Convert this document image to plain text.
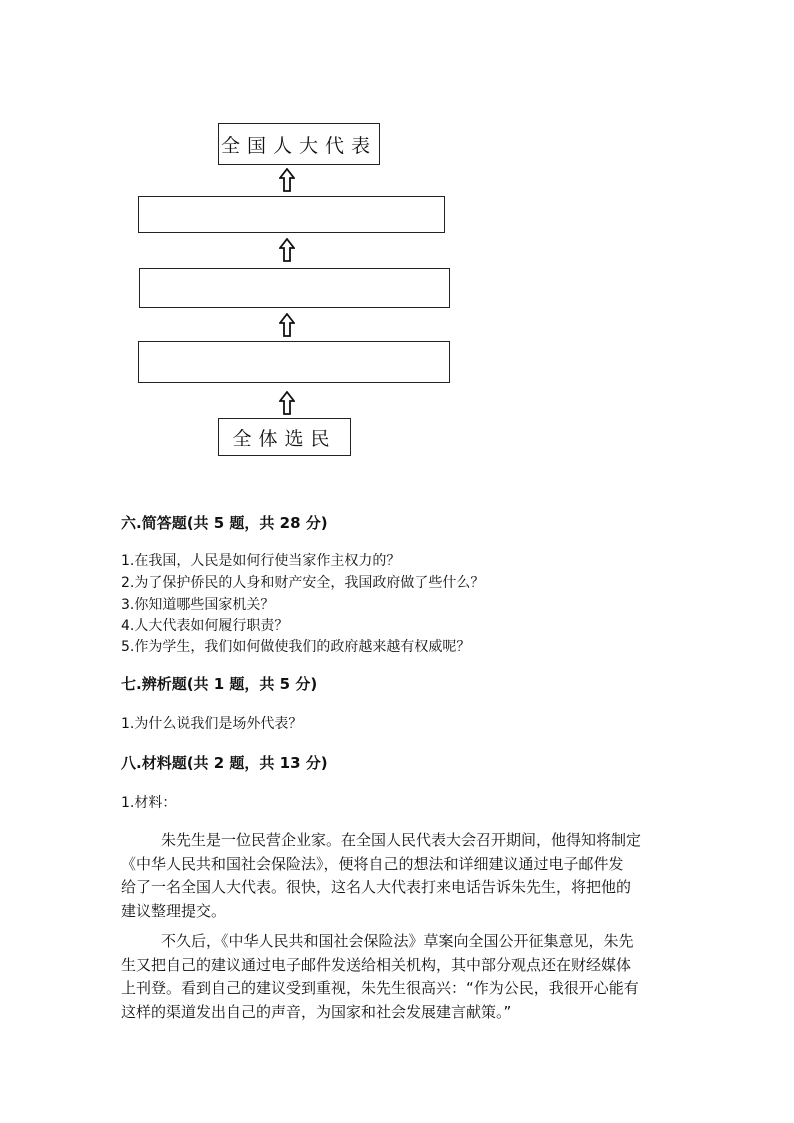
全国人大代表
全体选民
六.简答题(共 5 题，共 28 分)
1.在我国，人民是如何行使当家作主权力的？
2.为了保护侨民的人身和财产安全，我国政府做了些什么？
3.你知道哪些国家机关？
4.人大代表如何履行职责？
5.作为学生，我们如何做使我们的政府越来越有权威呢？
七.辨析题(共 1 题，共 5 分)
1.为什么说我们是场外代表？
八.材料题(共 2 题，共 13 分)
1.材料：
朱先生是一位民营企业家。在全国人民代表大会召开期间，他得知将制定
《中华人民共和国社会保险法》，便将自己的想法和详细建议通过电子邮件发
给了一名全国人大代表。很快，这名人大代表打来电话告诉朱先生，将把他的
建议整理提交。
不久后，《中华人民共和国社会保险法》草案向全国公开征集意见，朱先
生又把自己的建议通过电子邮件发送给相关机构，其中部分观点还在财经媒体
上刊登。看到自己的建议受到重视，朱先生很高兴：“作为公民，我很开心能有
这样的渠道发出自己的声音，为国家和社会发展建言献策。”
